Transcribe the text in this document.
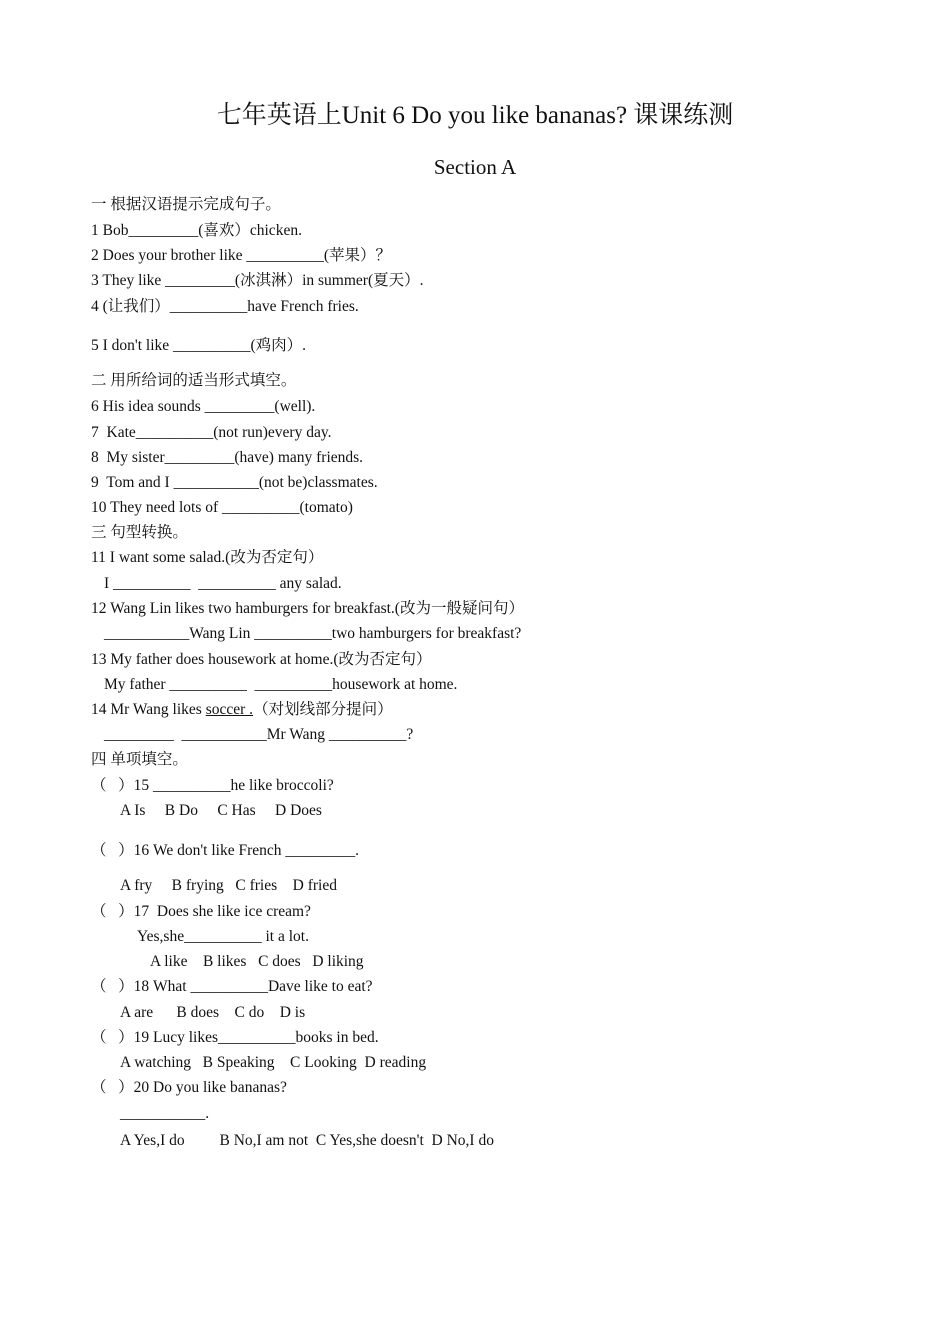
七年英语上Unit 6 Do you like bananas? 课课练测
Section A
一 根据汉语提示完成句子。
1 Bob_________(喜欢）chicken.
2 Does your brother like __________(苹果）？
3 They like _________(冰淇淋）in summer(夏天）.
4 (让我们）__________have French fries.
5 I don't like __________(鸡肉）.
二 用所给词的适当形式填空。
6 His idea sounds _________(well).
7  Kate__________(not run)every day.
8  My sister_________(have) many friends.
9  Tom and I ___________(not be)classmates.
10 They need lots of __________(tomato)
三 句型转换。
11 I want some salad.(改为否定句）
I __________  __________ any salad.
12 Wang Lin likes two hamburgers for breakfast.(改为一般疑问句）
___________Wang Lin __________two hamburgers for breakfast?
13 My father does housework at home.(改为否定句）
My father __________  __________housework at home.
14 Mr Wang likes soccer .（对划线部分提问）
_________  ___________Mr Wang __________?
四 单项填空。
（   ）15 __________he like broccoli?
A Is     B Do     C Has     D Does
（   ）16 We don't like French _________.
A fry     B frying   C fries    D fried
（   ）17  Does she like ice cream?
Yes,she__________ it a lot.
A like    B likes   C does   D liking
（   ）18 What __________Dave like to eat?
A are      B does    C do    D is
（   ）19 Lucy likes__________books in bed.
A watching   B Speaking    C Looking  D reading
（   ）20 Do you like bananas?
___________.
A Yes,I do         B No,I am not  C Yes,she doesn't  D No,I do
